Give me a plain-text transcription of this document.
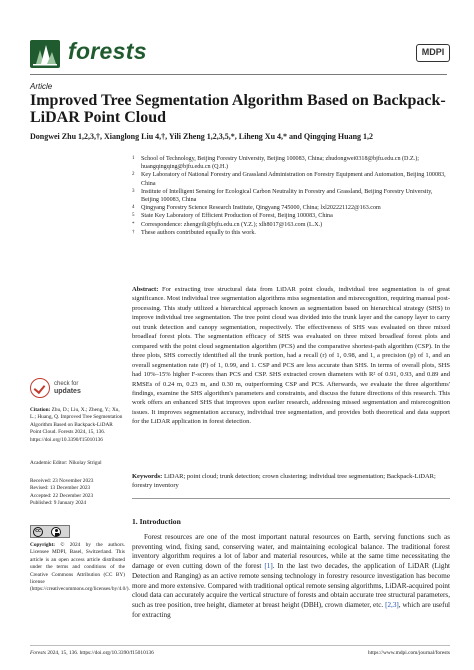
forests	MDPI
Article
Improved Tree Segmentation Algorithm Based on Backpack-LiDAR Point Cloud
Dongwei Zhu 1,2,3,†, Xianglong Liu 4,†, Yili Zheng 1,2,3,5,*, Liheng Xu 4,* and Qingqing Huang 1,2
1 School of Technology, Beijing Forestry University, Beijing 100083, China; zhudongwei0318@bjfu.edu.cn (D.Z.); huangqingqing@bjfu.edu.cn (Q.H.)
2 Key Laboratory of National Forestry and Grassland Administration on Forestry Equipment and Automation, Beijing 100083, China
3 Institute of Intelligent Sensing for Ecological Carbon Neutrality in Forestry and Grassland, Beijing Forestry University, Beijing 100083, China
4 Qingyang Forestry Science Research Institute, Qingyang 745000, China; lxl202221122@163.com
5 State Key Laboratory of Efficient Production of Forest, Beijing 100083, China
* Correspondence: zhengyili@bjfu.edu.cn (Y.Z.); xlh8017@163.com (L.X.)
† These authors contributed equally to this work.
Abstract: For extracting tree structural data from LiDAR point clouds, individual tree segmentation is of great significance. Most individual tree segmentation algorithms miss segmentation and misrecognition, requiring manual post-processing. This study utilized a hierarchical approach known as segmentation based on hierarchical strategy (SHS) to improve individual tree segmentation. The tree point cloud was divided into the trunk layer and the canopy layer to carry out trunk detection and canopy segmentation, respectively. The effectiveness of SHS was evaluated on three mixed broadleaf forest plots. The segmentation efficacy of SHS was evaluated on three mixed broadleaf forest plots and compared with the point cloud segmentation algorithm (PCS) and the comparative shortest-path algorithm (CSP). In the three plots, SHS correctly identified all the trunk portion, had a recall (r) of 1, 0.98, and 1, a precision (p) of 1, and an overall segmentation rate (F) of 1, 0.99, and 1. CSP and PCS are less accurate than SHS. In terms of overall plots, SHS had 10%–15% higher F-scores than PCS and CSP. SHS extracted crown diameters with R² of 0.91, 0.93, and 0.89 and RMSEs of 0.24 m, 0.23 m, and 0.30 m, outperforming CSP and PCS. Afterwards, we evaluate the three algorithms' findings, examine the SHS algorithm's parameters and constraints, and discuss the future directions of this research. This work offers an enhanced SHS that improves upon earlier research, addressing missed segmentation and misrecognition issues. It improves segmentation accuracy, individual tree segmentation, and provides both theoretical and data support for the LiDAR application in forest detection.
Keywords: LiDAR; point cloud; trunk detection; crown clustering; individual tree segmentation; Backpack-LiDAR; forestry inventory
check for
updates
Citation: Zhu, D.; Liu, X.; Zheng, Y.; Xu, L.; Huang, Q. Improved Tree Segmentation Algorithm Based on Backpack-LiDAR Point Cloud. Forests 2024, 15, 136. https://doi.org/10.3390/f15010136
Academic Editor: Nikolay Strigul
Received: 23 November 2023
Revised: 13 December 2023
Accepted: 22 December 2023
Published: 9 January 2024
cc
Copyright: © 2024 by the authors. Licensee MDPI, Basel, Switzerland. This article is an open access article distributed under the terms and conditions of the Creative Commons Attribution (CC BY) license (https://creativecommons.org/licenses/by/4.0/).
1. Introduction
Forest resources are one of the most important natural resources on Earth, serving functions such as preventing wind, fixing sand, conserving water, and maintaining ecological balance. The traditional forest inventory algorithm requires a lot of labor and material resources, while at the same time necessitating the damage or even cutting down of the forest [1]. In the last two decades, the application of LiDAR (Light Detection and Ranging) as an active remote sensing technology in forestry resource investigation has become more and more extensive. Compared with traditional optical remote sensing algorithms, LiDAR-acquired point cloud data can accurately acquire the vertical structure of forests and obtain accurate tree structural parameters, such as tree position, tree height, diameter at breast height (DBH), crown diameter, etc. [2,3], which are useful for extracting
Forests 2024, 15, 136. https://doi.org/10.3390/f15010136	https://www.mdpi.com/journal/forests
